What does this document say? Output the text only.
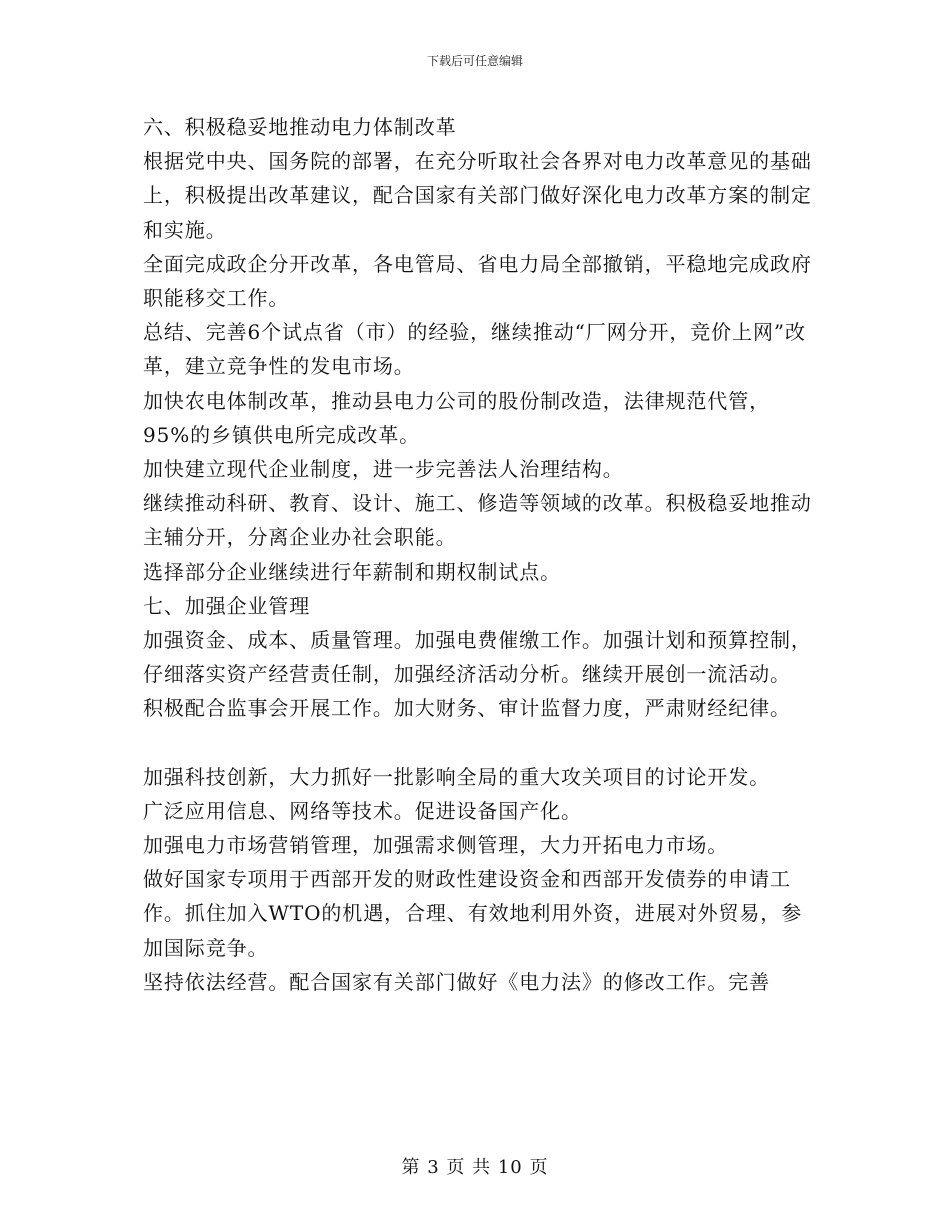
下载后可任意编辑

六、积极稳妥地推动电力体制改革

根据党中央、国务院的部署，在充分听取社会各界对电力改革意见的基础上，积极提出改革建议，配合国家有关部门做好深化电力改革方案的制定和实施。

全面完成政企分开改革，各电管局、省电力局全部撤销，平稳地完成政府职能移交工作。

总结、完善6个试点省（市）的经验，继续推动“厂网分开，竞价上网”改革，建立竞争性的发电市场。

加快农电体制改革，推动县电力公司的股份制改造，法律规范代管，95%的乡镇供电所完成改革。

加快建立现代企业制度，进一步完善法人治理结构。

继续推动科研、教育、设计、施工、修造等领域的改革。积极稳妥地推动主辅分开，分离企业办社会职能。

选择部分企业继续进行年薪制和期权制试点。

七、加强企业管理

加强资金、成本、质量管理。加强电费催缴工作。加强计划和预算控制，仔细落实资产经营责任制，加强经济活动分析。继续开展创一流活动。

积极配合监事会开展工作。加大财务、审计监督力度，严肃财经纪律。

加强科技创新，大力抓好一批影响全局的重大攻关项目的讨论开发。

广泛应用信息、网络等技术。促进设备国产化。

加强电力市场营销管理，加强需求侧管理，大力开拓电力市场。

做好国家专项用于西部开发的财政性建设资金和西部开发债券的申请工作。抓住加入WTO的机遇，合理、有效地利用外资，进展对外贸易，参加国际竞争。

坚持依法经营。配合国家有关部门做好《电力法》的修改工作。完善

第 3 页 共 10 页
